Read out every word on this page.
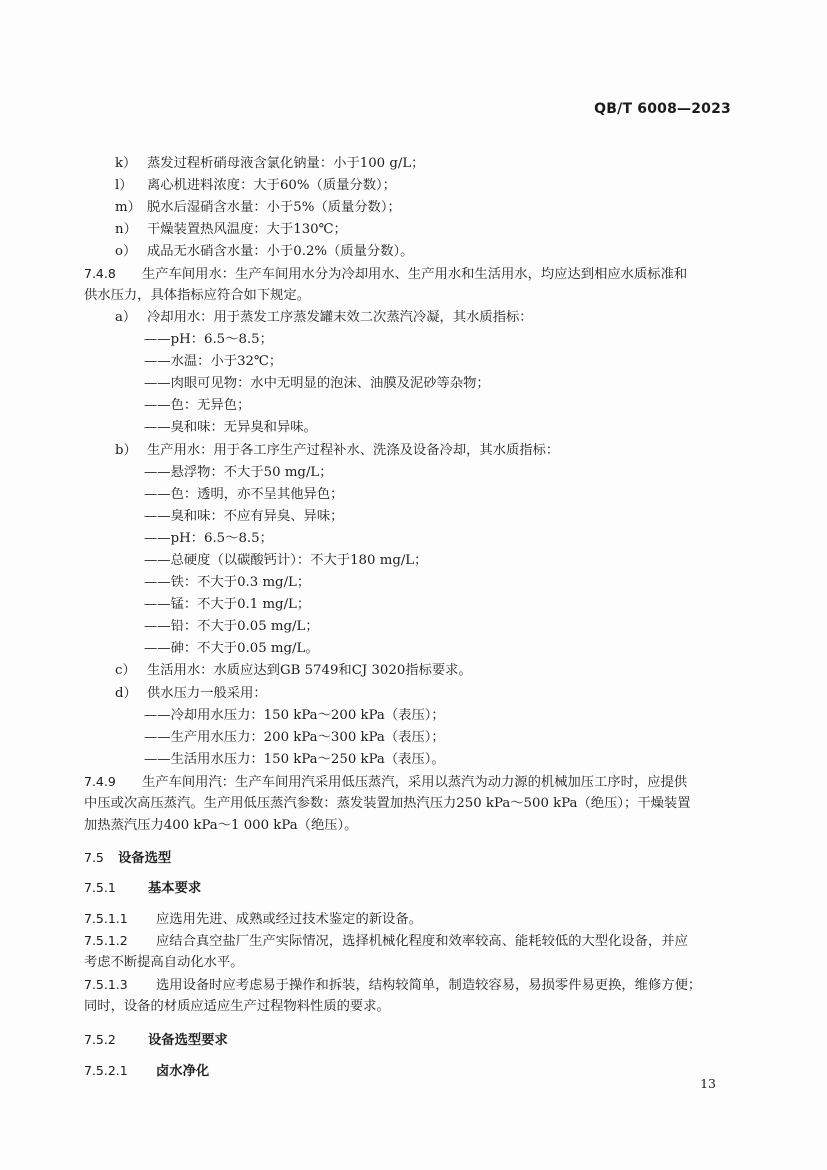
QB/T 6008—2023
k） 蒸发过程析硝母液含氯化钠量：小于100 g/L；
l） 离心机进料浓度：大于60%（质量分数）；
m） 脱水后湿硝含水量：小于5%（质量分数）；
n） 干燥装置热风温度：大于130℃；
o） 成品无水硝含水量：小于0.2%（质量分数）。
7.4.8 生产车间用水：生产车间用水分为冷却用水、生产用水和生活用水，均应达到相应水质标准和
供水压力，具体指标应符合如下规定。
a） 冷却用水：用于蒸发工序蒸发罐末效二次蒸汽冷凝，其水质指标：
——pH：6.5～8.5；
——水温：小于32℃；
——肉眼可见物：水中无明显的泡沫、油膜及泥砂等杂物；
——色：无异色；
——臭和味：无异臭和异味。
b） 生产用水：用于各工序生产过程补水、洗涤及设备冷却，其水质指标：
——悬浮物：不大于50 mg/L；
——色：透明，亦不呈其他异色；
——臭和味：不应有异臭、异味；
——pH：6.5～8.5；
——总硬度（以碳酸钙计）：不大于180 mg/L；
——铁：不大于0.3 mg/L；
——锰：不大于0.1 mg/L；
——铅：不大于0.05 mg/L；
——砷：不大于0.05 mg/L。
c） 生活用水：水质应达到GB 5749和CJ 3020指标要求。
d） 供水压力一般采用：
——冷却用水压力：150 kPa～200 kPa（表压）；
——生产用水压力：200 kPa～300 kPa（表压）；
——生活用水压力：150 kPa～250 kPa（表压）。
7.4.9 生产车间用汽：生产车间用汽采用低压蒸汽，采用以蒸汽为动力源的机械加压工序时，应提供
中压或次高压蒸汽。生产用低压蒸汽参数：蒸发装置加热汽压力250 kPa～500 kPa（绝压）；干燥装置
加热蒸汽压力400 kPa～1 000 kPa（绝压）。
7.5 设备选型
7.5.1 基本要求
7.5.1.1 应选用先进、成熟或经过技术鉴定的新设备。
7.5.1.2 应结合真空盐厂生产实际情况，选择机械化程度和效率较高、能耗较低的大型化设备，并应
考虑不断提高自动化水平。
7.5.1.3 选用设备时应考虑易于操作和拆装，结构较简单，制造较容易，易损零件易更换，维修方便；
同时，设备的材质应适应生产过程物料性质的要求。
7.5.2 设备选型要求
7.5.2.1 卤水净化
13
